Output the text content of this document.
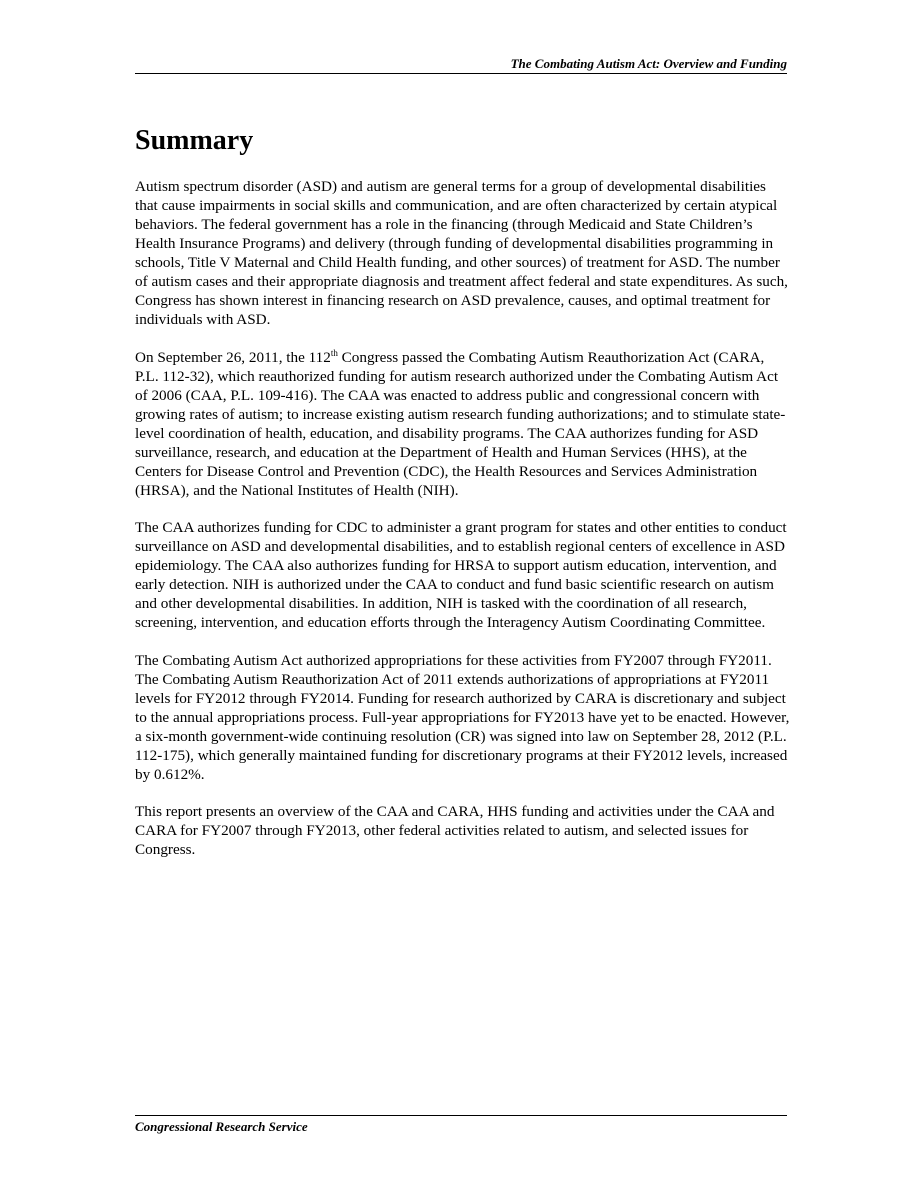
The Combating Autism Act: Overview and Funding
Summary

Autism spectrum disorder (ASD) and autism are general terms for a group of developmental disabilities that cause impairments in social skills and communication, and are often characterized by certain atypical behaviors. The federal government has a role in the financing (through Medicaid and State Children’s Health Insurance Programs) and delivery (through funding of developmental disabilities programming in schools, Title V Maternal and Child Health funding, and other sources) of treatment for ASD. The number of autism cases and their appropriate diagnosis and treatment affect federal and state expenditures. As such, Congress has shown interest in financing research on ASD prevalence, causes, and optimal treatment for individuals with ASD.

On September 26, 2011, the 112th Congress passed the Combating Autism Reauthorization Act (CARA, P.L. 112-32), which reauthorized funding for autism research authorized under the Combating Autism Act of 2006 (CAA, P.L. 109-416). The CAA was enacted to address public and congressional concern with growing rates of autism; to increase existing autism research funding authorizations; and to stimulate state-level coordination of health, education, and disability programs. The CAA authorizes funding for ASD surveillance, research, and education at the Department of Health and Human Services (HHS), at the Centers for Disease Control and Prevention (CDC), the Health Resources and Services Administration (HRSA), and the National Institutes of Health (NIH).

The CAA authorizes funding for CDC to administer a grant program for states and other entities to conduct surveillance on ASD and developmental disabilities, and to establish regional centers of excellence in ASD epidemiology. The CAA also authorizes funding for HRSA to support autism education, intervention, and early detection. NIH is authorized under the CAA to conduct and fund basic scientific research on autism and other developmental disabilities. In addition, NIH is tasked with the coordination of all research, screening, intervention, and education efforts through the Interagency Autism Coordinating Committee.

The Combating Autism Act authorized appropriations for these activities from FY2007 through FY2011. The Combating Autism Reauthorization Act of 2011 extends authorizations of appropriations at FY2011 levels for FY2012 through FY2014. Funding for research authorized by CARA is discretionary and subject to the annual appropriations process. Full-year appropriations for FY2013 have yet to be enacted. However, a six-month government-wide continuing resolution (CR) was signed into law on September 28, 2012 (P.L. 112-175), which generally maintained funding for discretionary programs at their FY2012 levels, increased by 0.612%.

This report presents an overview of the CAA and CARA, HHS funding and activities under the CAA and CARA for FY2007 through FY2013, other federal activities related to autism, and selected issues for Congress.

Congressional Research Service
